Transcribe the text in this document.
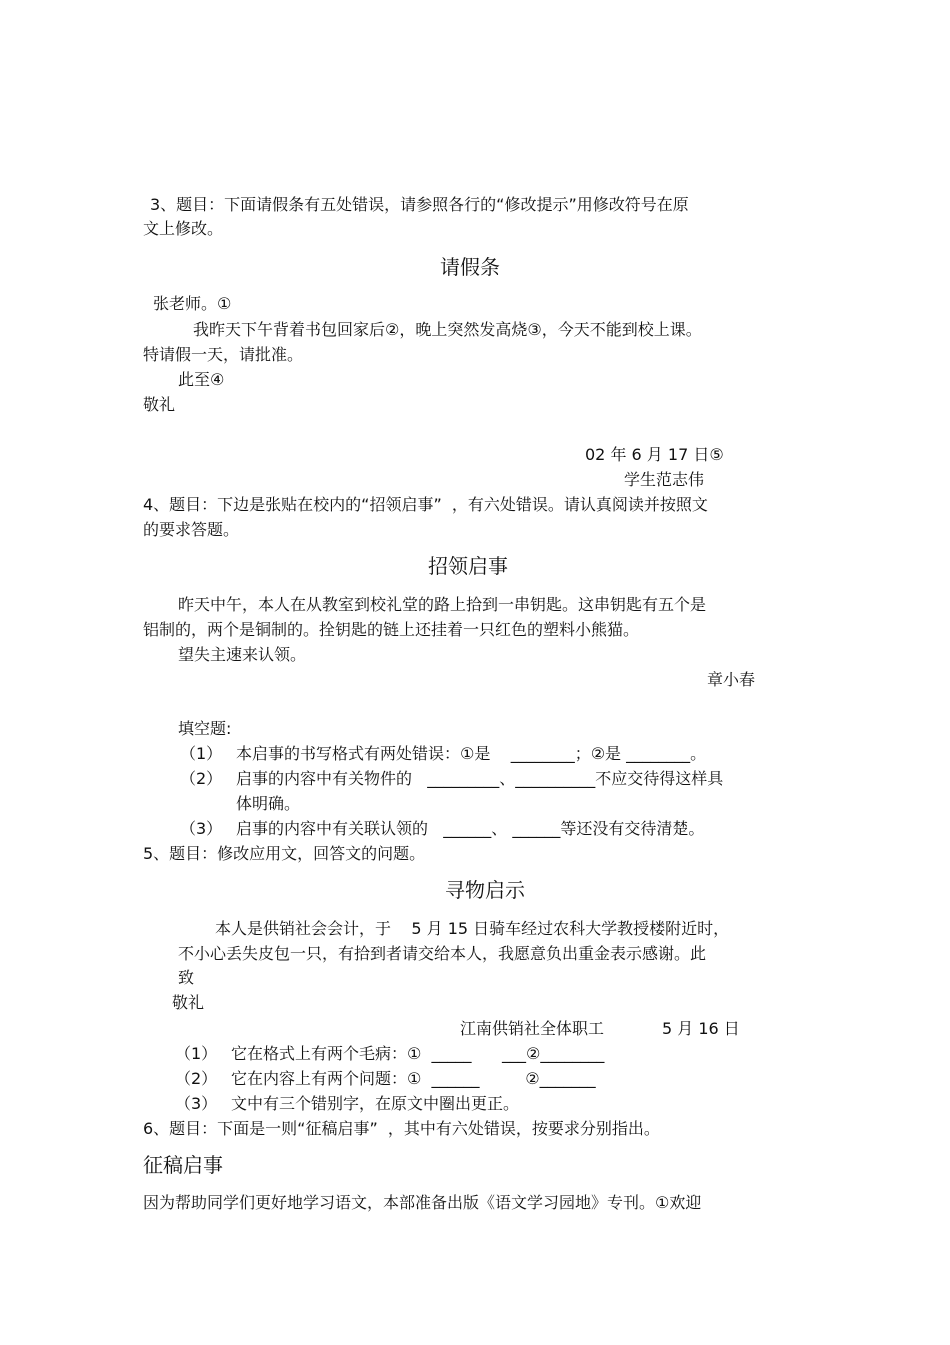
3、题目：下面请假条有五处错误，请参照各行的“修改提示”用修改符号在原
文上修改。
请假条
张老师。①
我昨天下午背着书包回家后②，晚上突然发高烧③，今天不能到校上课。
特请假一天，请批准。
此至④
敬礼
02 年 6 月 17 日⑤
学生范志伟
4、题目：下边是张贴在校内的“招领启事”  ，有六处错误。请认真阅读并按照文
的要求答题。
招领启事
昨天中午，本人在从教室到校礼堂的路上拾到一串钥匙。这串钥匙有五个是
铝制的，两个是铜制的。拴钥匙的链上还挂着一只红色的塑料小熊猫。
望失主速来认领。
章小春
填空题:
（1） 本启事的书写格式有两处错误：①是    ________；②是 ________。
（2） 启事的内容中有关物件的   _________、__________不应交待得这样具
体明确。
（3） 启事的内容中有关联认领的   ______、 ______等还没有交待清楚。
5、题目：修改应用文，回答文的问题。
寻物启示
本人是供销社会会计，于    5 月 15 日骑车经过农科大学教授楼附近时，
不小心丢失皮包一只，有拾到者请交给本人，我愿意负出重金表示感谢。此
致
敬礼
江南供销社全体职工	5 月 16 日
（1） 它在格式上有两个毛病：①  _____      ___②________
（2） 它在内容上有两个问题：①  ______         ②_______
（3） 文中有三个错别字，在原文中圈出更正。
6、题目：下面是一则“征稿启事”  ，其中有六处错误，按要求分别指出。
征稿启事
因为帮助同学们更好地学习语文，本部准备出版《语文学习园地》专刊。①欢迎
